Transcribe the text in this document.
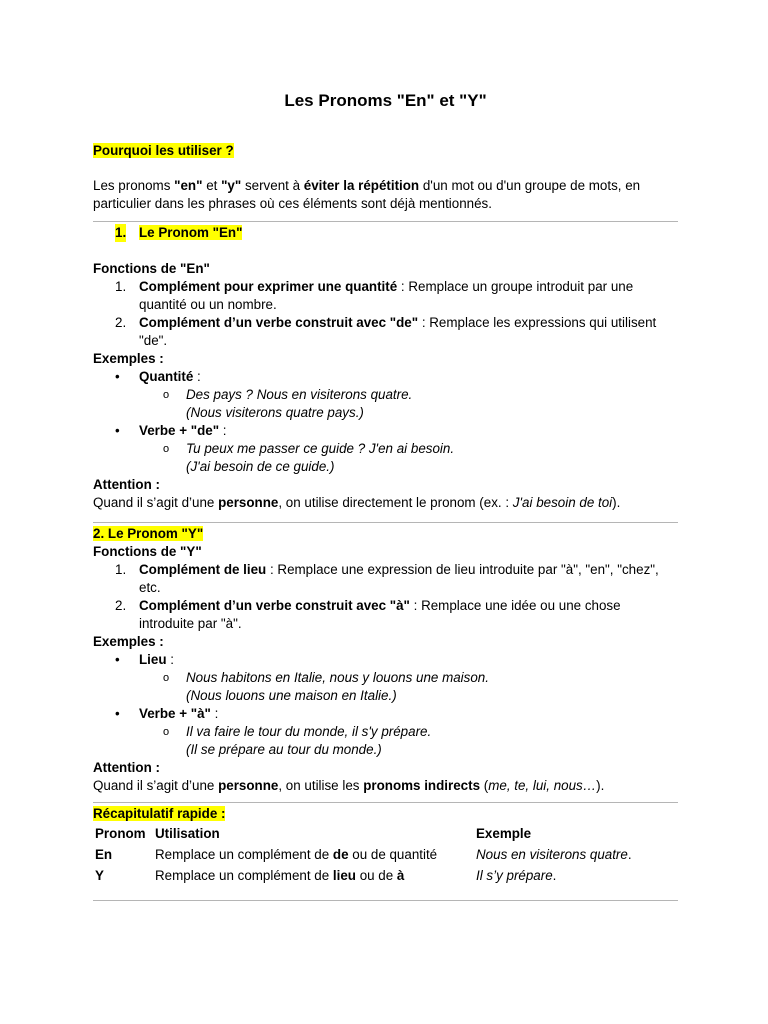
Les Pronoms "En" et "Y"

Pourquoi les utiliser ?

Les pronoms "en" et "y" servent à éviter la répétition d'un mot ou d'un groupe de mots, en particulier dans les phrases où ces éléments sont déjà mentionnés.

1. Le Pronom "En"

Fonctions de "En"

1. Complément pour exprimer une quantité : Remplace un groupe introduit par une quantité ou un nombre.
2. Complément d’un verbe construit avec "de" : Remplace les expressions qui utilisent "de".

Exemples :

• Quantité :
o Des pays ? Nous en visiterons quatre.
(Nous visiterons quatre pays.)
• Verbe + "de" :
o Tu peux me passer ce guide ? J'en ai besoin.
(J'ai besoin de ce guide.)

Attention :

Quand il s’agit d’une personne, on utilise directement le pronom (ex. : J'ai besoin de toi).

2. Le Pronom "Y"

Fonctions de "Y"

1. Complément de lieu : Remplace une expression de lieu introduite par "à", "en", "chez", etc.
2. Complément d’un verbe construit avec "à" : Remplace une idée ou une chose introduite par "à".

Exemples :

• Lieu :
o Nous habitons en Italie, nous y louons une maison.
(Nous louons une maison en Italie.)
• Verbe + "à" :
o Il va faire le tour du monde, il s'y prépare.
(Il se prépare au tour du monde.)

Attention :

Quand il s’agit d’une personne, on utilise les pronoms indirects (me, te, lui, nous…).

Récapitulatif rapide :

Pronom	Utilisation	Exemple
En	Remplace un complément de de ou de quantité	Nous en visiterons quatre.
Y	Remplace un complément de lieu ou de à	Il s’y prépare.
